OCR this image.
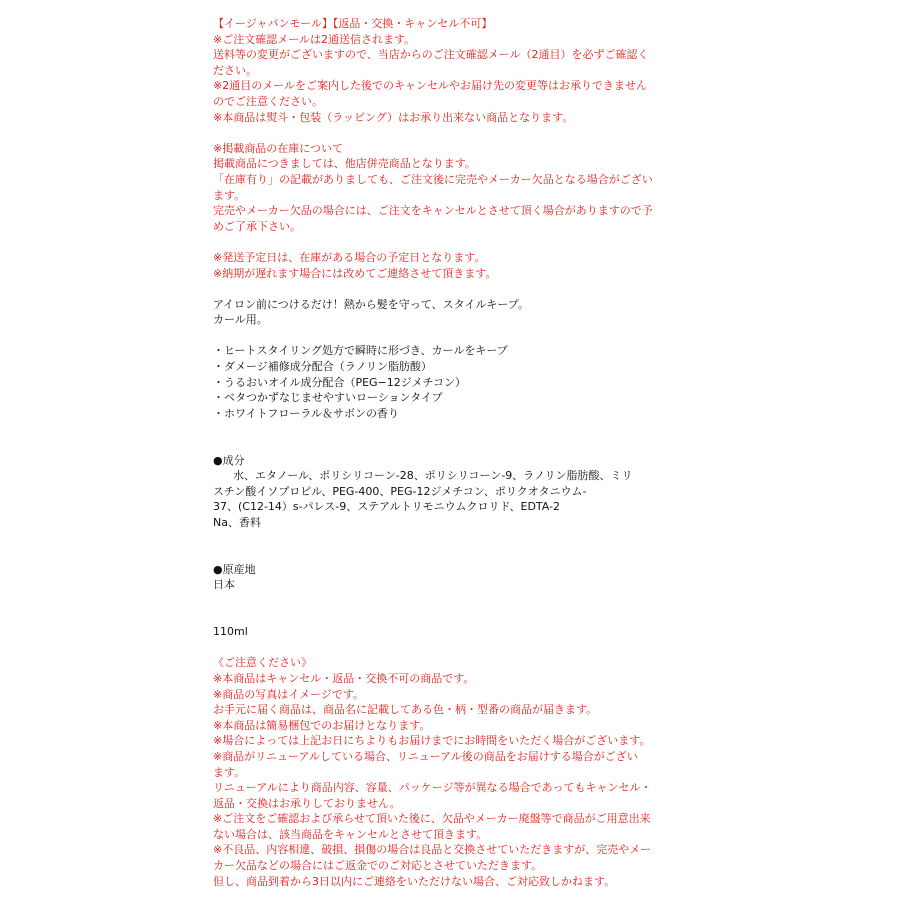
【イージャパンモール】【返品・交換・キャンセル不可】
※ご注文確認メールは2通送信されます。
送料等の変更がございますので、当店からのご注文確認メール（2通目）を必ずご確認く
ださい。
※2通目のメールをご案内した後でのキャンセルやお届け先の変更等はお承りできません
のでご注意ください。
※本商品は熨斗・包装（ラッピング）はお承り出来ない商品となります。
※掲載商品の在庫について
掲載商品につきましては、他店併売商品となります。
「在庫有り」の記載がありましても、ご注文後に完売やメーカー欠品となる場合がござい
ます。
完売やメーカー欠品の場合には、ご注文をキャンセルとさせて頂く場合がありますので予
めご了承下さい。
※発送予定日は、在庫がある場合の予定日となります。
※納期が遅れます場合には改めてご連絡させて頂きます。
アイロン前につけるだけ！熱から髪を守って、スタイルキープ。
カール用。
・ヒートスタイリング処方で瞬時に形づき、カールをキープ
・ダメージ補修成分配合（ラノリン脂肪酸）
・うるおいオイル成分配合（PEG−12ジメチコン）
・ベタつかずなじませやすいローションタイプ
・ホワイトフローラル＆サボンの香り
●成分
水、エタノール、ポリシリコーン-28、ポリシリコーン-9、ラノリン脂肪酸、ミリ
スチン酸イソプロピル、PEG-400、PEG-12ジメチコン、ポリクオタニウム-
37、(C12-14）s-パレス-9、ステアルトリモニウムクロリド、EDTA-2
Na、香料
●原産地
日本
110ml
《ご注意ください》
※本商品はキャンセル・返品・交換不可の商品です。
※商品の写真はイメージです。
お手元に届く商品は、商品名に記載してある色・柄・型番の商品が届きます。
※本商品は簡易梱包でのお届けとなります。
※場合によっては上記お日にちよりもお届けまでにお時間をいただく場合がございます。
※商品がリニューアルしている場合、リニューアル後の商品をお届けする場合がござい
ます。
リニューアルにより商品内容、容量、パッケージ等が異なる場合であってもキャンセル・
返品・交換はお承りしておりません。
※ご注文をご確認および承らせて頂いた後に、欠品やメーカー廃盤等で商品がご用意出来
ない場合は、該当商品をキャンセルとさせて頂きます。
※不良品、内容相違、破損、損傷の場合は良品と交換させていただきますが、完売やメー
カー欠品などの場合にはご返金でのご対応とさせていただきます。
但し、商品到着から3日以内にご連絡をいただけない場合、ご対応致しかねます。
